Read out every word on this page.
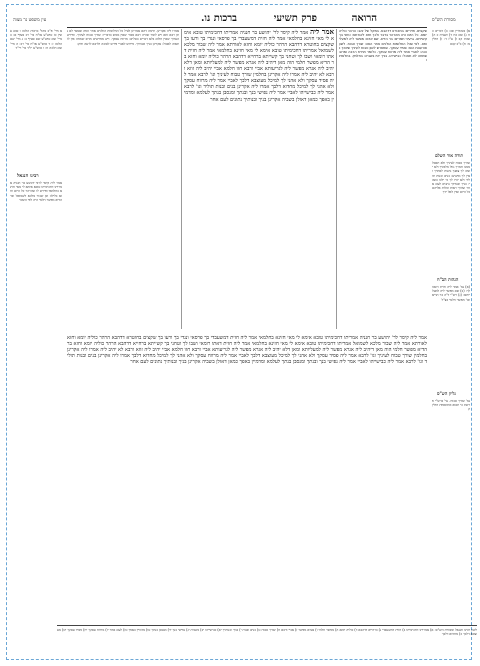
הרואה
פרק תשיעי
ברכות נו.
עין משפט נר מצוה	מסורת הש"ס
א מיי' פ"ב מהל' ברכות הלכה ו סמג עשין כז טוש"ע או"ח סי' רכ סעיף א: ב מיי' שם טוש"ע שם סעיף ב: ג מיי' שם הלכה ז: ד טוש"ע או"ח סי' רכ: ה מיי' שם הלכה ח: ו טוש"ע יו"ד סי' רי"ד
רבינו חננאל
אמר ליה קיסר לרבי יהושע בר חנניה אמריתו דחכימיתו טובא אימא לי מאי חזינא בחלמאי ופירש לו שהרהר כל היום וחזא בלילה וכן שבור מלכא לשמואל ובר הדיא מפשר חלמי היה לפי השכר
אמרו ליה אקרינן. תימה דהא אמרינן לעיל כל החלומות הולכים אחר הפה ואמאי לא נתן רבא זוזא ויש לומר שהיה רבא סבור שאין ממש בדבריו: שורך טבוח לעיניך. ופירש הערוך שאין חלום בלא דברים בטלים: מרווח עסקך. ויש מפרשים מרוב שמחה אין לו תאוה לאכול: אקרינן בניך ובנותיך. פירוש לאביי פירש לטובה ולרבא לרעה ודוק:
אמר ליה אמר ליה קיסר לר' יהושע בר חנניה אמריתו דחכימיתו טובא אימא לי מאי חזינא בחלמאי אמר ליה חזית דמשעבדי בך פרסאי ונגדי בך ורעו בך שקצים בחוטרא דדהבא הרהר כוליה יומא וחזא לאורתא אמר ליה שבור מלכא לשמואל אמריתו דחכימיתו טובא אימא לי מאי חזינא בחלמאי אמר ליה חזית דאתו רומאי ושבו לך וטחני בך קשייתא ברחייא דדהבא הרהר כוליה יומא וחזא בר הדיא מפשר חלמי הוה מאן דיהיב ליה אגרא מפשר ליה למעליותא ומאן דלא יהיב ליה אגרא מפשר ליה לגריעותא אביי ורבא חזו חלמא אביי יהיב ליה זוזא ורבא לא יהיב ליה אמרו ליה אקרינן בחלמין שורך טבוח לעיניך וגו' לרבא אמר ליה פסיד עסקך ולא אהני לך למיכל מעוצבא דלבך לאביי אמר ליה מרווח עסקך ולא אהני לך למיכל מחדוא דלבך אמרו ליה אקרינן בנים ובנות תוליד וגו' לרבא אמר ליה כבישייהו לאביי אמר ליה נפישי בנך ובנתך ומנסבן בנתך לעלמא ומדמיין באפך כמאן דאזלן בשביה אקרינן בניך ובנותיך נתונים לעם אחר
שקצים. חזירים: בחוטרא דדהבא. במקל של זהב: הרהר כוליה יומא. כל היום היה מהרהר בדבר ולכך חזא לאורתא: טחני בך קשייתא. גרעיני תמרים: בר הדיא. שם אדם: מפשר ליה למעליותא. לפי שכל החלומות הולכים אחר הפה: שורך טבוח. לשון פורענות הוא: פסיד עסקך. שמפרש לשון טבוח לעיניך שאינך נהנה: לאביי אמר ליה מרווח עסקך. כלומר תרויח הרבה ומרוב שמחה לא תאכל: כבישייהו. בניך יהיו בשביה: בחלמין. בחלומינו
אמר ליה קיסר לר' יהושע בר חנניה אמריתו דחכימיתו טובא אימא לי מאי חזינא בחלמאי אמר ליה חזית דמשעבדי בך פרסאי ונגדי בך ורעו בך שקצים בחוטרא דדהבא הרהר כוליה יומא וחזא לאורתא אמר ליה שבור מלכא לשמואל אמריתו דחכימיתו טובא אימא לי מאי חזינא בחלמאי אמר ליה חזית דאתו רומאי ושבו לך וטחני בך קשייתא ברחייא דדהבא הרהר כוליה יומא וחזא בר הדיא מפשר חלמי הוה מאן דיהיב ליה אגרא מפשר ליה למעליותא ומאן דלא יהיב ליה אגרא מפשר ליה לגריעותא אביי ורבא חזו חלמא אביי יהיב ליה זוזא ורבא לא יהיב ליה אמרו ליה אקרינן בחלמין שורך טבוח לעיניך וגו' לרבא אמר ליה פסיד עסקך ולא אהני לך למיכל מעוצבא דלבך לאביי אמר ליה מרווח עסקך ולא אהני לך למיכל מחדוא דלבך אמרו ליה אקרינן בנים ובנות תוליד וגו' לרבא אמר ליה כבישייהו לאביי אמר ליה נפישי בנך ובנתך ומנסבן בנתך לעלמא ומדמיין באפך כמאן דאזלן בשביה אקרינן בניך ובנותיך נתונים לעם אחר
א) סנהדרין סב: ב) דברים כח ג) שם כח ד) תענית כ ה) שבת קב ו) ע"ז ד: ז) חולין מ: ח) ב"ב קכט
תורה אור השלם
שורך טבוח לעיניך ולא תאכל ממנו חמרך גזול מלפניך ולא ישוב לך צאנך נתנות לאיביך ואין לך מושיע: בנים ובנות תוליד ולא יהיו לך כי ילכו בשבי: בניך ובנותיך נתנים לעם אחר ועיניך ראות וכלות אליהם כל היום ואין לאל ידך
הגהות הב"ח
(א) גמ' אמר ליה חזית דשבו לך: (ב) שם מפשר ליה למעליותא: (ג) רש"י ד"ה בר הדיא וכו' מפשר חלמי כצ"ל
גליון הש"ס
גמ' שורך טבוח. עי' ברש"י פרשת כי תבוא ובתוספות חולין ק
לשון רבינו חננאל ומסורת הש"ס: א) אמריתו דחכימיתו ב) חזית דמשעבדי ג) ברחייא דדהבא ד) כוליה יומא ה) מפשר חלמי ו) אגרא מפשר ז) אביי ורבא ח) שורך טבוח ט) בנים ובנות י) בניך ובנותיך יא) כבישייהו יב) בשביה יג) נפישי בנך יד) מנסבן בנתך טו) מדמיין באפך טז) לעם אחר יז) מרווח עסקך יח) פסיד עסקך יט) מעוצבא דלבך כ) מחדוא דלבך
